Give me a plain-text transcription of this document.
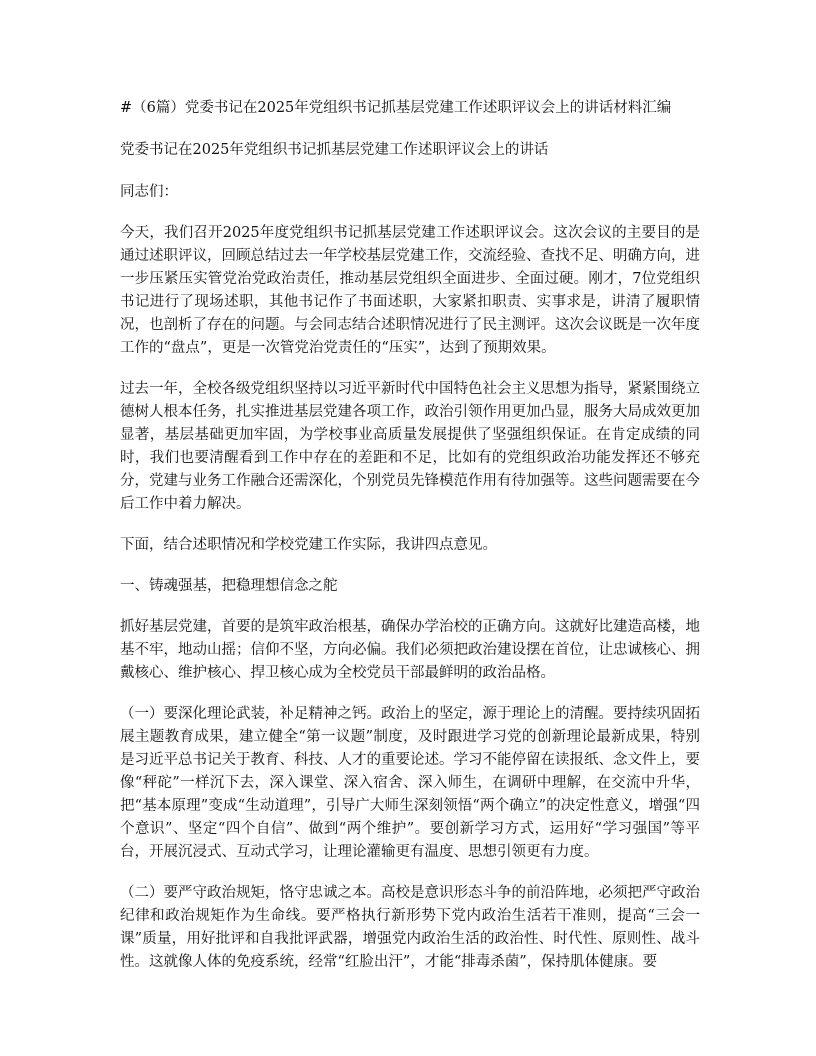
#（6篇）党委书记在2025年党组织书记抓基层党建工作述职评议会上的讲话材料汇编
党委书记在2025年党组织书记抓基层党建工作述职评议会上的讲话
同志们：
今天，我们召开2025年度党组织书记抓基层党建工作述职评议会。这次会议的主要目的是通过述职评议，回顾总结过去一年学校基层党建工作，交流经验、查找不足、明确方向，进一步压紧压实管党治党政治责任，推动基层党组织全面进步、全面过硬。刚才，7位党组织书记进行了现场述职，其他书记作了书面述职，大家紧扣职责、实事求是，讲清了履职情况，也剖析了存在的问题。与会同志结合述职情况进行了民主测评。这次会议既是一次年度工作的“盘点”，更是一次管党治党责任的“压实”，达到了预期效果。
过去一年，全校各级党组织坚持以习近平新时代中国特色社会主义思想为指导，紧紧围绕立德树人根本任务，扎实推进基层党建各项工作，政治引领作用更加凸显，服务大局成效更加显著，基层基础更加牢固，为学校事业高质量发展提供了坚强组织保证。在肯定成绩的同时，我们也要清醒看到工作中存在的差距和不足，比如有的党组织政治功能发挥还不够充分，党建与业务工作融合还需深化，个别党员先锋模范作用有待加强等。这些问题需要在今后工作中着力解决。
下面，结合述职情况和学校党建工作实际，我讲四点意见。
一、铸魂强基，把稳理想信念之舵
抓好基层党建，首要的是筑牢政治根基，确保办学治校的正确方向。这就好比建造高楼，地基不牢，地动山摇；信仰不坚，方向必偏。我们必须把政治建设摆在首位，让忠诚核心、拥戴核心、维护核心、捍卫核心成为全校党员干部最鲜明的政治品格。
（一）要深化理论武装，补足精神之钙。政治上的坚定，源于理论上的清醒。要持续巩固拓展主题教育成果，建立健全“第一议题”制度，及时跟进学习党的创新理论最新成果，特别是习近平总书记关于教育、科技、人才的重要论述。学习不能停留在读报纸、念文件上，要像“秤砣”一样沉下去，深入课堂、深入宿舍、深入师生，在调研中理解，在交流中升华，把“基本原理”变成“生动道理”，引导广大师生深刻领悟“两个确立”的决定性意义，增强“四个意识”、坚定“四个自信”、做到“两个维护”。要创新学习方式，运用好“学习强国”等平台，开展沉浸式、互动式学习，让理论灌输更有温度、思想引领更有力度。
（二）要严守政治规矩，恪守忠诚之本。高校是意识形态斗争的前沿阵地，必须把严守政治纪律和政治规矩作为生命线。要严格执行新形势下党内政治生活若干准则，提高“三会一课”质量，用好批评和自我批评武器，增强党内政治生活的政治性、时代性、原则性、战斗性。这就像人体的免疫系统，经常“红脸出汗”，才能“排毒杀菌”，保持肌体健康。要
